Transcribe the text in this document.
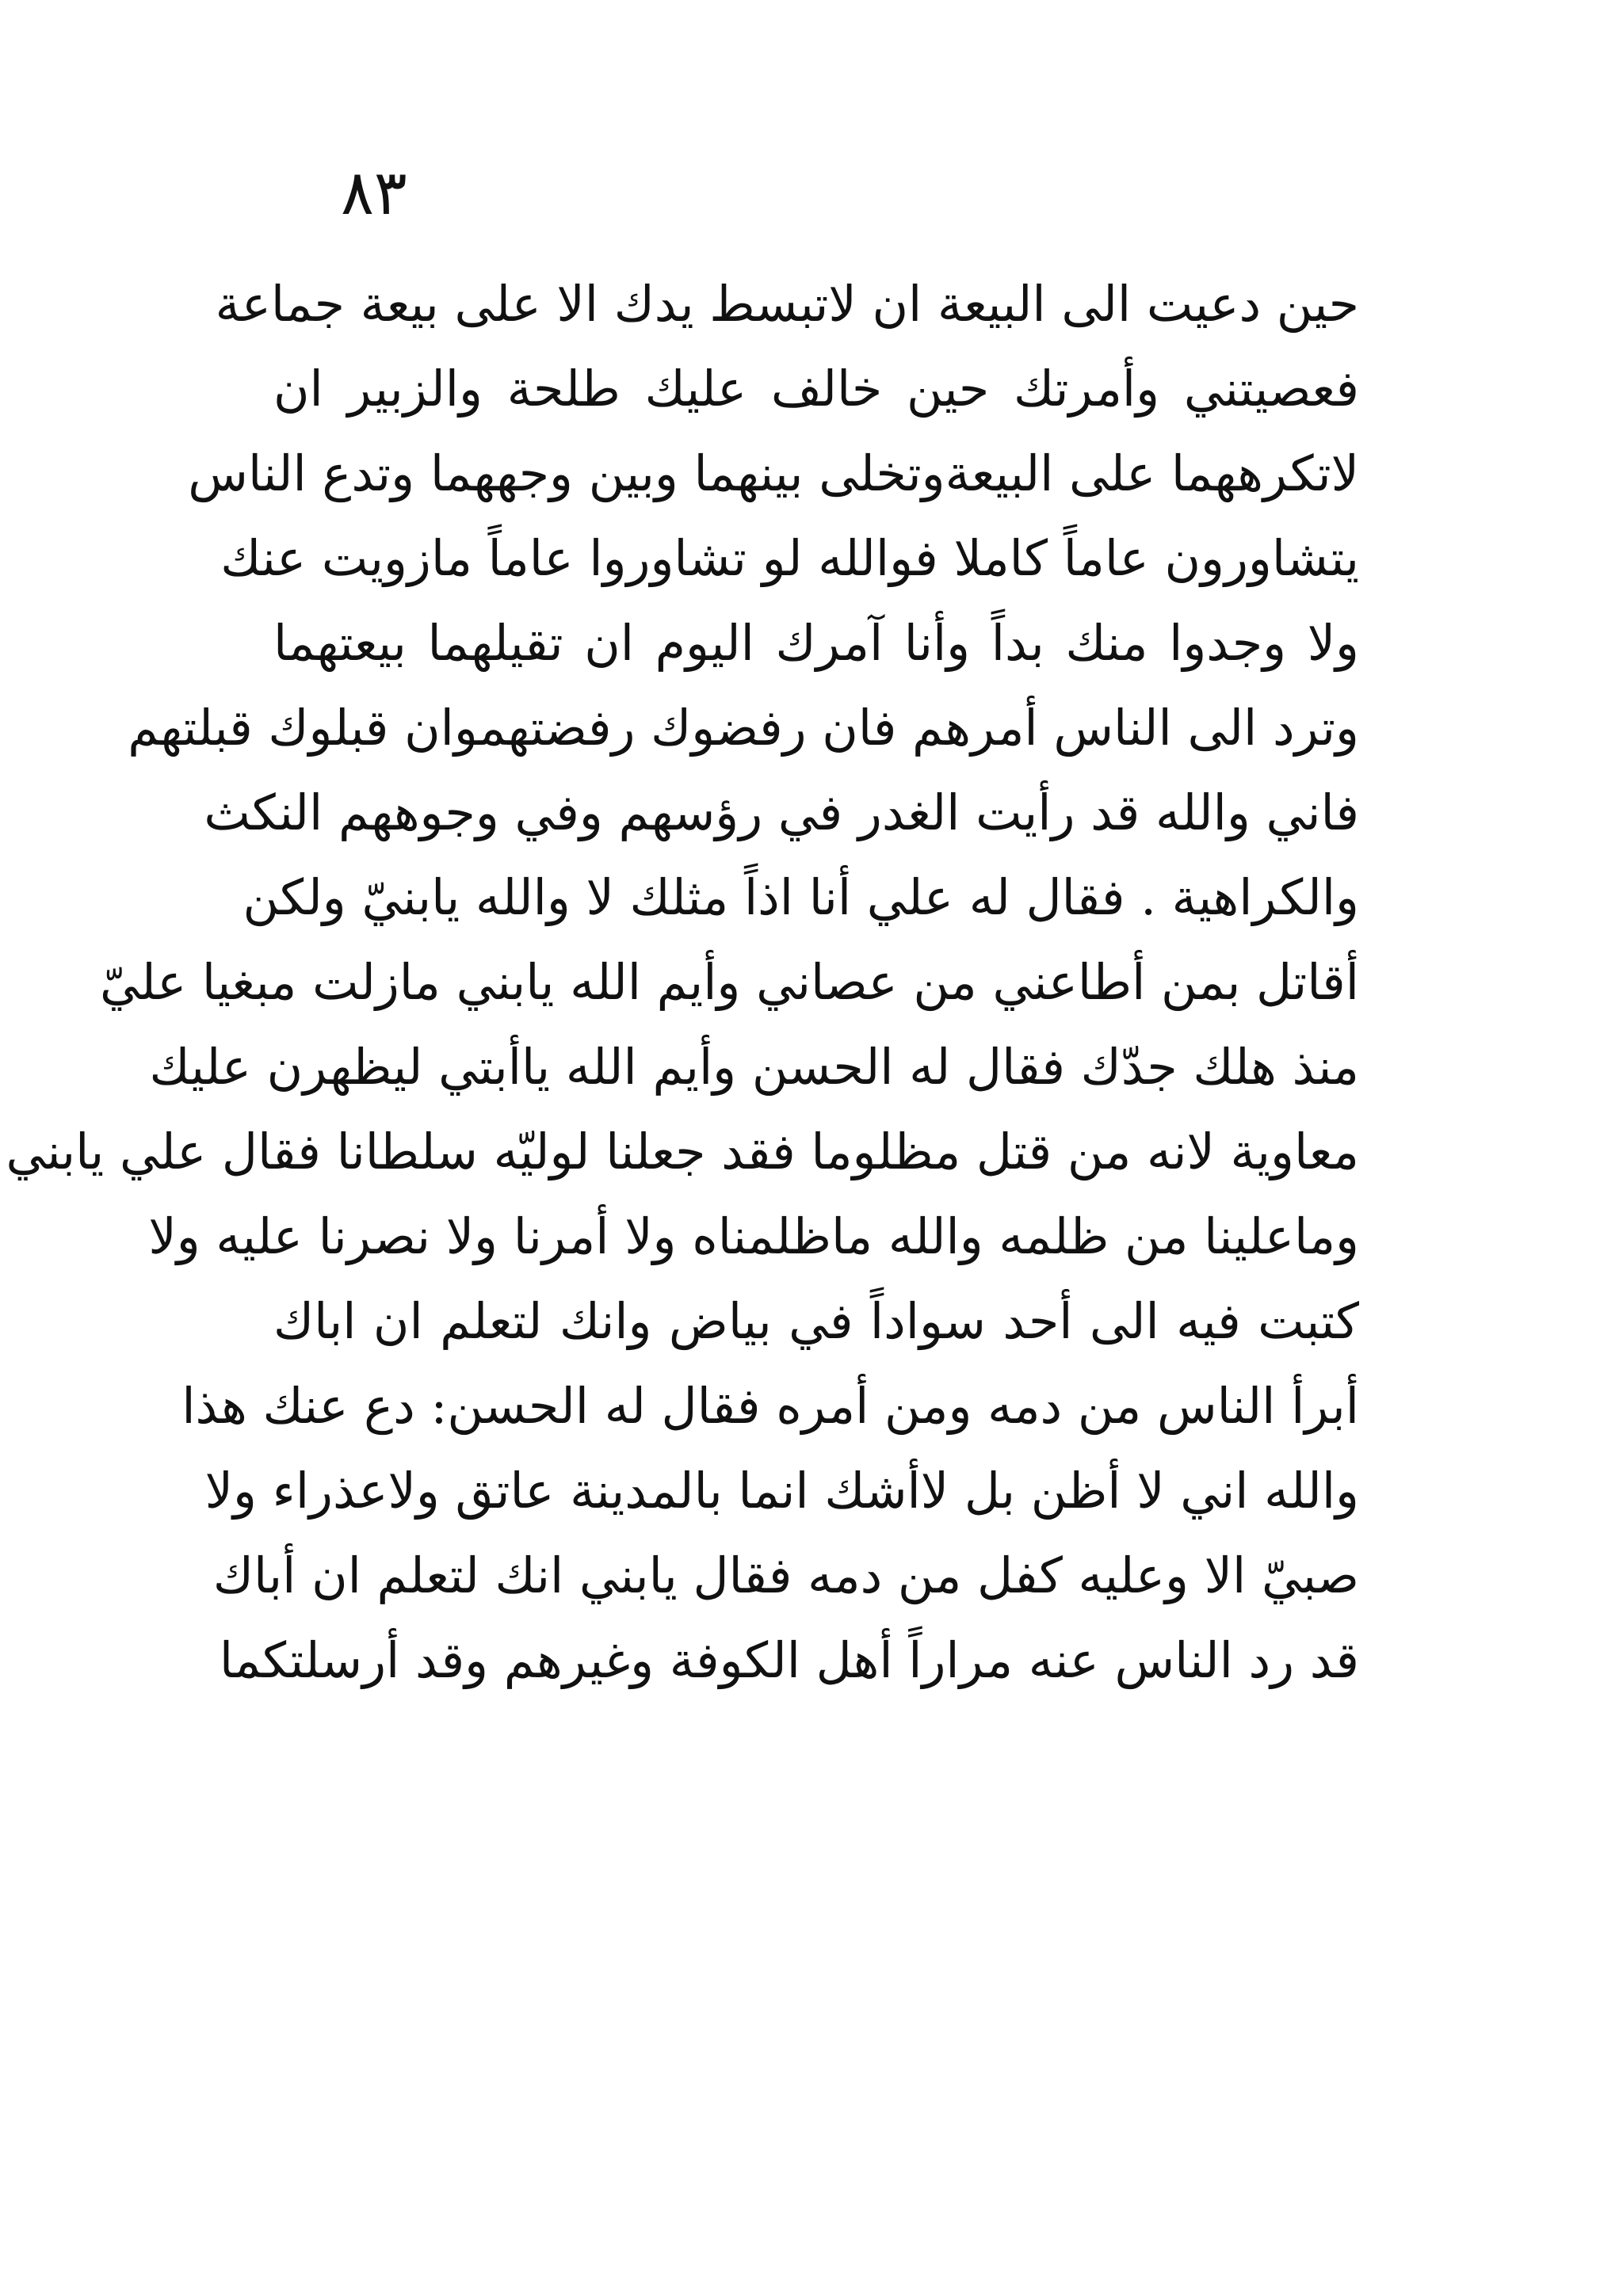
٨٣
حين دعيت الى البيعة ان لاتبسط يدك الا على بيعة جماعة
فعصيتني وأمرتك حين خالف عليك طلحة والزبير ان
لاتكرههما على البيعةوتخلى بينهما وبين وجههما وتدع الناس
يتشاورون عاماً كاملا فوالله لو تشاوروا عاماً مازويت عنك
ولا وجدوا منك بداً وأنا آمرك اليوم ان تقيلهما بيعتهما
وترد الى الناس أمرهم فان رفضوك رفضتهموان قبلوك قبلتهم
فاني والله قد رأيت الغدر في رؤسهم وفي وجوههم النكث
والكراهية . فقال له علي أنا اذاً مثلك لا والله يابنيّ ولكن
أقاتل بمن أطاعني من عصاني وأيم الله يابني مازلت مبغيا عليّ
منذ هلك جدّك فقال له الحسن وأيم الله ياأبتي ليظهرن عليك
معاوية لانه من قتل مظلوما فقد جعلنا لوليّه سلطانا فقال علي يابني
وماعلينا من ظلمه والله ماظلمناه ولا أمرنا ولا نصرنا عليه ولا
كتبت فيه الى أحد سواداً في بياض وانك لتعلم ان اباك
أبرأ الناس من دمه ومن أمره فقال له الحسن: دع عنك هذا
والله اني لا أظن بل لاأشك انما بالمدينة عاتق ولاعذراء ولا
صبيّ الا وعليه كفل من دمه فقال يابني انك لتعلم ان أباك
قد رد الناس عنه مراراً أهل الكوفة وغيرهم وقد أرسلتكما
